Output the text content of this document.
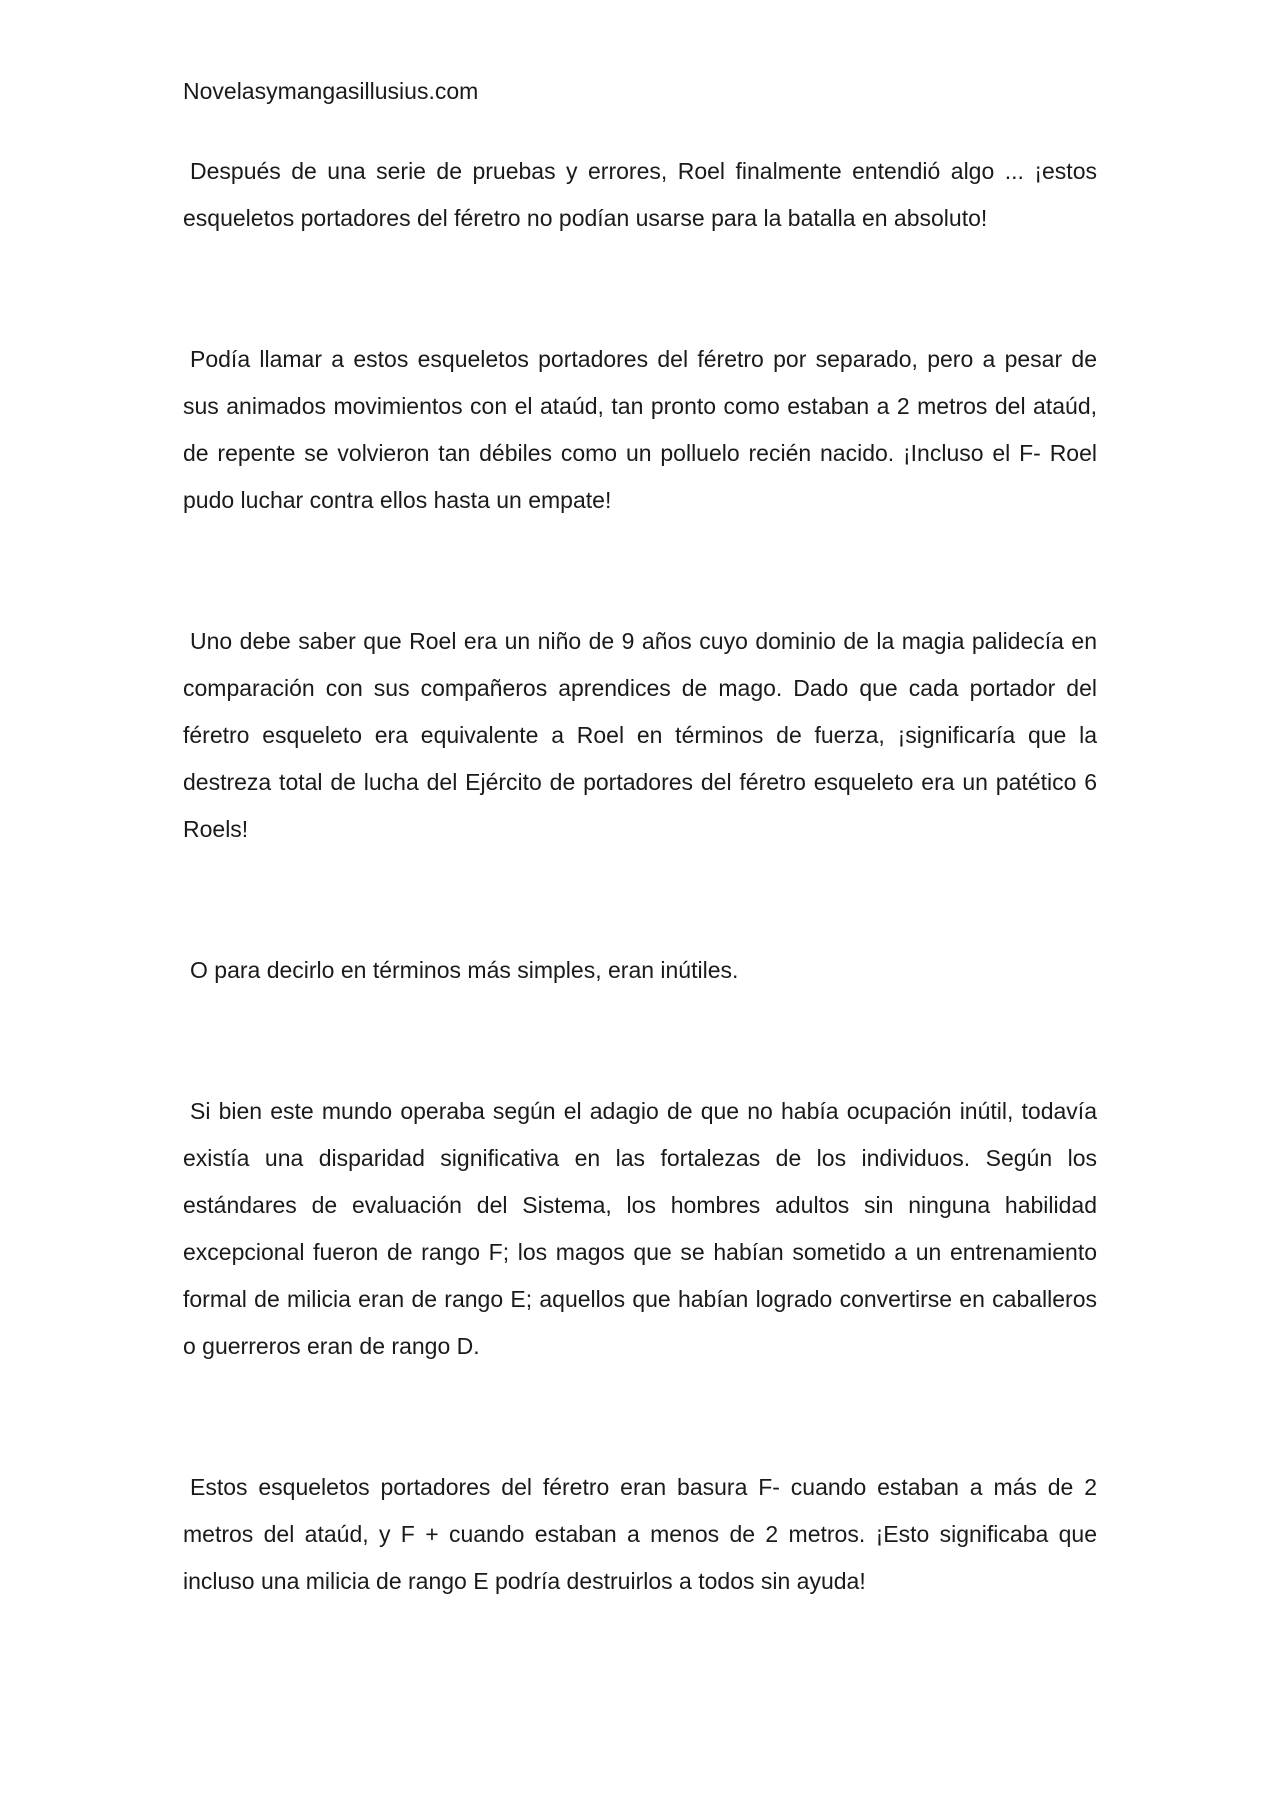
Novelasymangasillusius.com

Después de una serie de pruebas y errores, Roel finalmente entendió algo ... ¡estos esqueletos portadores del féretro no podían usarse para la batalla en absoluto!

Podía llamar a estos esqueletos portadores del féretro por separado, pero a pesar de sus animados movimientos con el ataúd, tan pronto como estaban a 2 metros del ataúd, de repente se volvieron tan débiles como un polluelo recién nacido. ¡Incluso el F- Roel pudo luchar contra ellos hasta un empate!

Uno debe saber que Roel era un niño de 9 años cuyo dominio de la magia palidecía en comparación con sus compañeros aprendices de mago. Dado que cada portador del féretro esqueleto era equivalente a Roel en términos de fuerza, ¡significaría que la destreza total de lucha del Ejército de portadores del féretro esqueleto era un patético 6 Roels!

O para decirlo en términos más simples, eran inútiles.

Si bien este mundo operaba según el adagio de que no había ocupación inútil, todavía existía una disparidad significativa en las fortalezas de los individuos. Según los estándares de evaluación del Sistema, los hombres adultos sin ninguna habilidad excepcional fueron de rango F; los magos que se habían sometido a un entrenamiento formal de milicia eran de rango E; aquellos que habían logrado convertirse en caballeros o guerreros eran de rango D.

Estos esqueletos portadores del féretro eran basura F- cuando estaban a más de 2 metros del ataúd, y F + cuando estaban a menos de 2 metros. ¡Esto significaba que incluso una milicia de rango E podría destruirlos a todos sin ayuda!
